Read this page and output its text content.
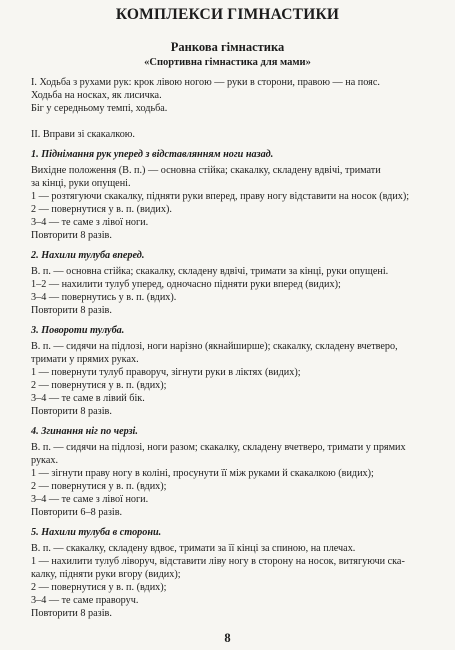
КОМПЛЕКСИ ГІМНАСТИКИ
Ранкова гімнастика
«Спортивна гімнастика для мами»
І. Ходьба з рухами рук: крок лівою ногою — руки в сторони, правою — на пояс.
Ходьба на носках, як лисичка.
Біг у середньому темпі, ходьба.
ІІ. Вправи зі скакалкою.
1. Піднімання рук уперед з відставлянням ноги назад.
Вихідне положення (В. п.) — основна стійка; скакалку, складену вдвічі, тримати
за кінці, руки опущені.
1 — розтягуючи скакалку, підняти руки вперед, праву ногу відставити на носок (вдих);
2 — повернутися у в. п. (видих).
3–4 — те саме з лівої ноги.
Повторити 8 разів.
2. Нахили тулуба вперед.
В. п. — основна стійка; скакалку, складену вдвічі, тримати за кінці, руки опущені.
1–2 — нахилити тулуб уперед, одночасно підняти руки вперед (видих);
3–4 — повернутись у в. п. (вдих).
Повторити 8 разів.
3. Повороти тулуба.
В. п. — сидячи на підлозі, ноги нарізно (якнайширше); скакалку, складену вчетверо,
тримати у прямих руках.
1 — повернути тулуб праворуч, зігнути руки в ліктях (видих);
2 — повернутися у в. п. (вдих);
3–4 — те саме в лівий бік.
Повторити 8 разів.
4. Згинання ніг по черзі.
В. п. — сидячи на підлозі, ноги разом; скакалку, складену вчетверо, тримати у прямих
руках.
1 — зігнути праву ногу в коліні, просунути її між руками й скакалкою (видих);
2 — повернутися у в. п. (вдих);
3–4 — те саме з лівої ноги.
Повторити 6–8 разів.
5. Нахили тулуба в сторони.
В. п. — скакалку, складену вдвоє, тримати за її кінці за спиною, на плечах.
1 — нахилити тулуб ліворуч, відставити ліву ногу в сторону на носок, витягуючи ска-
калку, підняти руки вгору (видих);
2 — повернутися у в. п. (вдих);
3–4 — те саме праворуч.
Повторити 8 разів.
8
